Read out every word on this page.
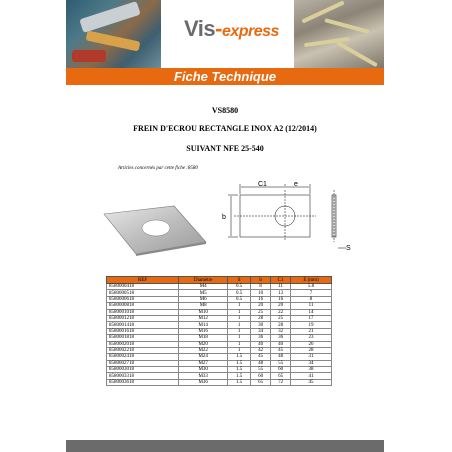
Vis-express
Fiche Technique
VS8580
FREIN D'ECROU RECTANGLE INOX A2 (12/2014)
SUIVANT NFE 25-540
Articles concernés par cette fiche :8580
C1	e
b
S
REF	Diamètre	S	b	C1	E (mm)
8580000418	M4	0.5	8	11	5.8
8580000518	M5	0.5	10	13	7
8580000618	M6	0.5	16	16	8
8580000818	M8	1	20	20	11
8580001018	M10	1	25	22	14
8580001218	M12	1	28	25	17
8580001418	M14	1	30	28	19
8580001618	M16	1	34	32	21
8580001818	M18	1	36	36	23
8580002018	M20	1	40	40	26
8580002218	M22	1	42	45	28
8580002418	M24	1.5	45	48	31
8580002718	M27	1.5	48	55	34
8580003018	M30	1.5	55	60	38
8580003318	M33	1.5	60	65	41
8580003618	M36	1.5	65	72	45
